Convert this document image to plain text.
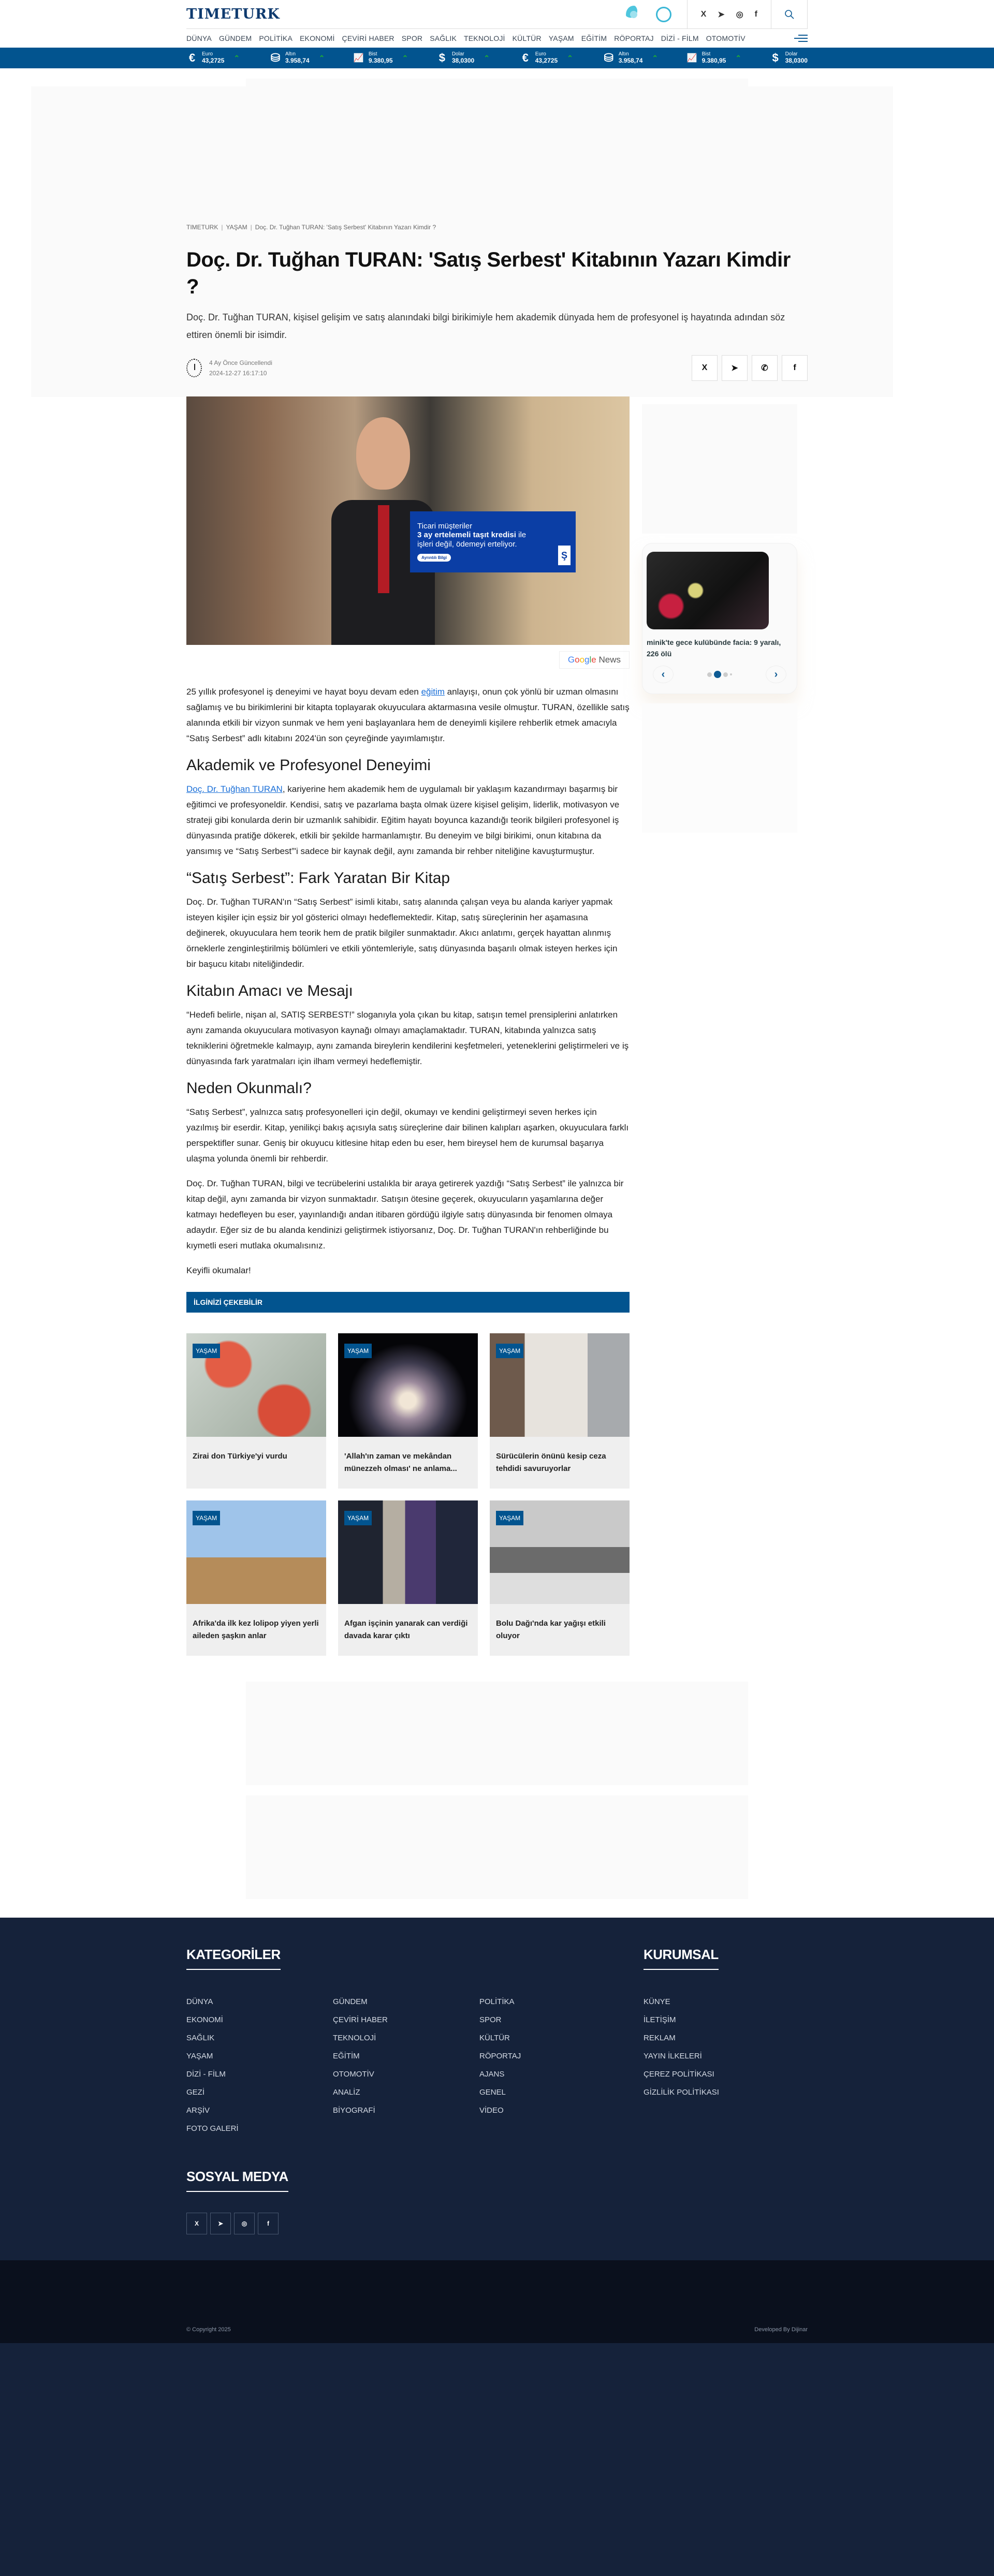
TIMETURK	X ➤ ◎ f
DÜNYA GÜNDEM POLİTİKA EKONOMİ ÇEVİRİ HABER SPOR SAĞLIK TEKNOLOJİ KÜLTÜR YAŞAM EĞİTİM RÖPORTAJ DİZİ - FİLM OTOMOTİV
€	Euro
43,2725 ⌃	⛁ Altın
3.958,74 ⌃	📈 Bist
9.380,95 ⌃	$	Dolar
38,0300 ⌃	€	Euro
43,2725 ⌃	⛁ Altın
3.958,74 ⌃	📈 Bist
9.380,95 ⌃	$	Dolar
38,0300
TIMETURK | YAŞAM | Doç. Dr. Tuğhan TURAN: 'Satış Serbest' Kitabının Yazarı Kimdir ?
Doç. Dr. Tuğhan TURAN: 'Satış Serbest' Kitabının Yazarı Kimdir ?

Doç. Dr. Tuğhan TURAN, kişisel gelişim ve satış alanındaki bilgi birikimiyle hem akademik dünyada hem de profesyonel iş hayatında adından söz ettiren önemli bir isimdir.

4 Ay Önce Güncellendi
2024-12-27 16:17:10
X	➤	✆	f
Ticari müşteriler
3 ay ertelemeli taşıt kredisi ile
işleri değil, ödemeyi erteliyor.
Ayrıntılı Bilgi	Ş
Google News

25 yıllık profesyonel iş deneyimi ve hayat boyu devam eden eğitim anlayışı, onun çok yönlü bir uzman olmasını sağlamış ve bu birikimlerini bir kitapta toplayarak okuyuculara aktarmasına vesile olmuştur. TURAN, özellikle satış alanında etkili bir vizyon sunmak ve hem yeni başlayanlara hem de deneyimli kişilere rehberlik etmek amacıyla “Satış Serbest” adlı kitabını 2024'ün son çeyreğinde yayımlamıştır.

Akademik ve Profesyonel Deneyimi

Doç. Dr. Tuğhan TURAN, kariyerine hem akademik hem de uygulamalı bir yaklaşım kazandırmayı başarmış bir eğitimci ve profesyoneldir. Kendisi, satış ve pazarlama başta olmak üzere kişisel gelişim, liderlik, motivasyon ve strateji gibi konularda derin bir uzmanlık sahibidir. Eğitim hayatı boyunca kazandığı teorik bilgileri profesyonel iş dünyasında pratiğe dökerek, etkili bir şekilde harmanlamıştır. Bu deneyim ve bilgi birikimi, onun kitabına da yansımış ve “Satış Serbest”'i sadece bir kaynak değil, aynı zamanda bir rehber niteliğine kavuşturmuştur.

“Satış Serbest”: Fark Yaratan Bir Kitap

Doç. Dr. Tuğhan TURAN'ın “Satış Serbest” isimli kitabı, satış alanında çalışan veya bu alanda kariyer yapmak isteyen kişiler için eşsiz bir yol gösterici olmayı hedeflemektedir. Kitap, satış süreçlerinin her aşamasına değinerek, okuyuculara hem teorik hem de pratik bilgiler sunmaktadır. Akıcı anlatımı, gerçek hayattan alınmış örneklerle zenginleştirilmiş bölümleri ve etkili yöntemleriyle, satış dünyasında başarılı olmak isteyen herkes için bir başucu kitabı niteliğindedir.

Kitabın Amacı ve Mesajı

“Hedefi belirle, nişan al, SATIŞ SERBEST!” sloganıyla yola çıkan bu kitap, satışın temel prensiplerini anlatırken aynı zamanda okuyuculara motivasyon kaynağı olmayı amaçlamaktadır. TURAN, kitabında yalnızca satış tekniklerini öğretmekle kalmayıp, aynı zamanda bireylerin kendilerini keşfetmeleri, yeteneklerini geliştirmeleri ve iş dünyasında fark yaratmaları için ilham vermeyi hedeflemiştir.

Neden Okunmalı?

“Satış Serbest”, yalnızca satış profesyonelleri için değil, okumayı ve kendini geliştirmeyi seven herkes için yazılmış bir eserdir. Kitap, yenilikçi bakış açısıyla satış süreçlerine dair bilinen kalıpları aşarken, okuyuculara farklı perspektifler sunar. Geniş bir okuyucu kitlesine hitap eden bu eser, hem bireysel hem de kurumsal başarıya ulaşma yolunda önemli bir rehberdir.

Doç. Dr. Tuğhan TURAN, bilgi ve tecrübelerini ustalıkla bir araya getirerek yazdığı “Satış Serbest” ile yalnızca bir kitap değil, aynı zamanda bir vizyon sunmaktadır. Satışın ötesine geçerek, okuyucuların yaşamlarına değer katmayı hedefleyen bu eser, yayınlandığı andan itibaren gördüğü ilgiyle satış dünyasında bir fenomen olmaya adaydır. Eğer siz de bu alanda kendinizi geliştirmek istiyorsanız, Doç. Dr. Tuğhan TURAN'ın rehberliğinde bu kıymetli eseri mutlaka okumalısınız.

Keyifli okumalar!

İLGİNİZİ ÇEKEBİLİR
YAŞAM
Zirai don Türkiye'yi vurdu
YAŞAM
'Allah'ın zaman ve mekândan münezzeh olması' ne anlama...
YAŞAM
Sürücülerin önünü kesip ceza tehdidi savuruyorlar
YAŞAM
Afrika'da ilk kez lolipop yiyen yerli aileden şaşkın anlar
YAŞAM
Afgan işçinin yanarak can verdiği davada karar çıktı
YAŞAM
Bolu Dağı'nda kar yağışı etkili oluyor
minik'te gece kulübünde facia: 9 yaralı, 226 ölü
‹	›
KATEGORİLER
DÜNYA
EKONOMİ
SAĞLIK
YAŞAM
DİZİ - FİLM
GEZİ
ARŞİV
FOTO GALERİ
GÜNDEM
ÇEVİRİ HABER
TEKNOLOJİ
EĞİTİM
OTOMOTİV
ANALİZ
BİYOGRAFİ
POLİTİKA
SPOR
KÜLTÜR
RÖPORTAJ
AJANS
GENEL
VİDEO
KURUMSAL
KÜNYE
İLETİŞİM
REKLAM
YAYIN İLKELERİ
ÇEREZ POLİTİKASI
GİZLİLİK POLİTİKASI
SOSYAL MEDYA
X	➤	◎	f
© Copyright 2025	Developed By Dijinar
